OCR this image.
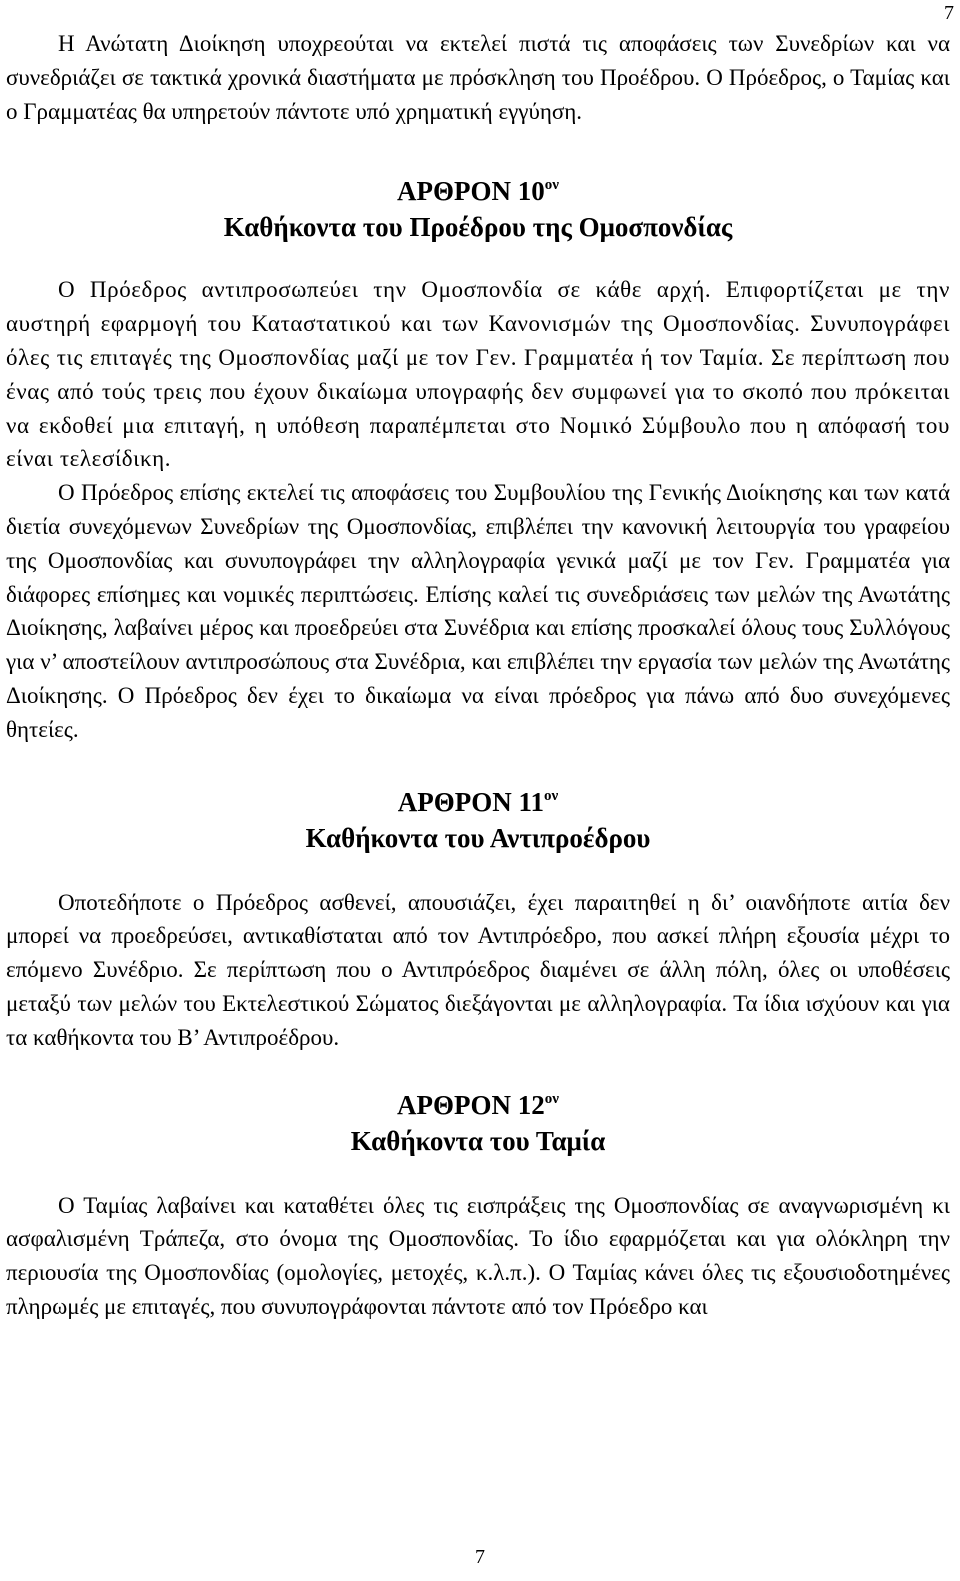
7

Η Ανώτατη Διοίκηση υποχρεούται να εκτελεί πιστά τις αποφάσεις των Συνεδρίων και να συνεδριάζει σε τακτικά χρονικά διαστήματα με πρόσκληση του Προέδρου. Ο Πρόεδρος, ο Ταμίας και ο Γραμματέας θα υπηρετούν πάντοτε υπό χρηματική εγγύηση.

ΑΡΘΡΟΝ $10^{o\nu}$
Καθήκοντα του Προέδρου της Ομοσπονδίας

Ο Πρόεδρος αντιπροσωπεύει την Ομοσπονδία σε κάθε αρχή. Επιφορτίζεται με την αυστηρή εφαρμογή του Καταστατικού και των Κανονισμών της Ομοσπονδίας. Συνυπογράφει όλες τις επιταγές της Ομοσπονδίας μαζί με τον Γεν. Γραμματέα ή τον Ταμία. Σε περίπτωση που ένας από τούς τρεις που έχουν δικαίωμα υπογραφής δεν συμφωνεί για το σκοπό που πρόκειται να εκδοθεί μια επιταγή, η υπόθεση παραπέμπεται στο Νομικό Σύμβουλο που η απόφασή του είναι τελεσίδικη.

Ο Πρόεδρος επίσης εκτελεί τις αποφάσεις του Συμβουλίου της Γενικής Διοίκησης και των κατά διετία συνεχόμενων Συνεδρίων της Ομοσπονδίας, επιβλέπει την κανονική λειτουργία του γραφείου της Ομοσπονδίας και συνυπογράφει την αλληλογραφία γενικά μαζί με τον Γεν. Γραμματέα για διάφορες επίσημες και νομικές περιπτώσεις. Επίσης καλεί τις συνεδριάσεις των μελών της Ανωτάτης Διοίκησης, λαβαίνει μέρος και προεδρεύει στα Συνέδρια και επίσης προσκαλεί όλους τους Συλλόγους για ν’ αποστείλουν αντιπροσώπους στα Συνέδρια, και επιβλέπει την εργασία των μελών της Ανωτάτης Διοίκησης. Ο Πρόεδρος δεν έχει το δικαίωμα να είναι πρόεδρος για πάνω από δυο συνεχόμενες θητείες.

ΑΡΘΡΟΝ $11^{o\nu}$
Καθήκοντα του Αντιπροέδρου

Οποτεδήποτε ο Πρόεδρος ασθενεί, απουσιάζει, έχει παραιτηθεί η δι’ οιανδήποτε αιτία δεν μπορεί να προεδρεύσει, αντικαθίσταται από τον Αντιπρόεδρο, που ασκεί πλήρη εξουσία μέχρι το επόμενο Συνέδριο. Σε περίπτωση που ο Αντιπρόεδρος διαμένει σε άλλη πόλη, όλες οι υποθέσεις μεταξύ των μελών του Εκτελεστικού Σώματος διεξάγονται με αλληλογραφία. Τα ίδια ισχύουν και για τα καθήκοντα του Β’ Αντιπροέδρου.

ΑΡΘΡΟΝ $12^{o\nu}$
Καθήκοντα του Ταμία

Ο Ταμίας λαβαίνει και καταθέτει όλες τις εισπράξεις της Ομοσπονδίας σε αναγνωρισμένη κι ασφαλισμένη Τράπεζα, στο όνομα της Ομοσπονδίας. Το ίδιο εφαρμόζεται και για ολόκληρη την περιουσία της Ομοσπονδίας (ομολογίες, μετοχές, κ.λ.π.). Ο Ταμίας κάνει όλες τις εξουσιοδοτημένες πληρωμές με επιταγές, που συνυπογράφονται πάντοτε από τον Πρόεδρο και

7
